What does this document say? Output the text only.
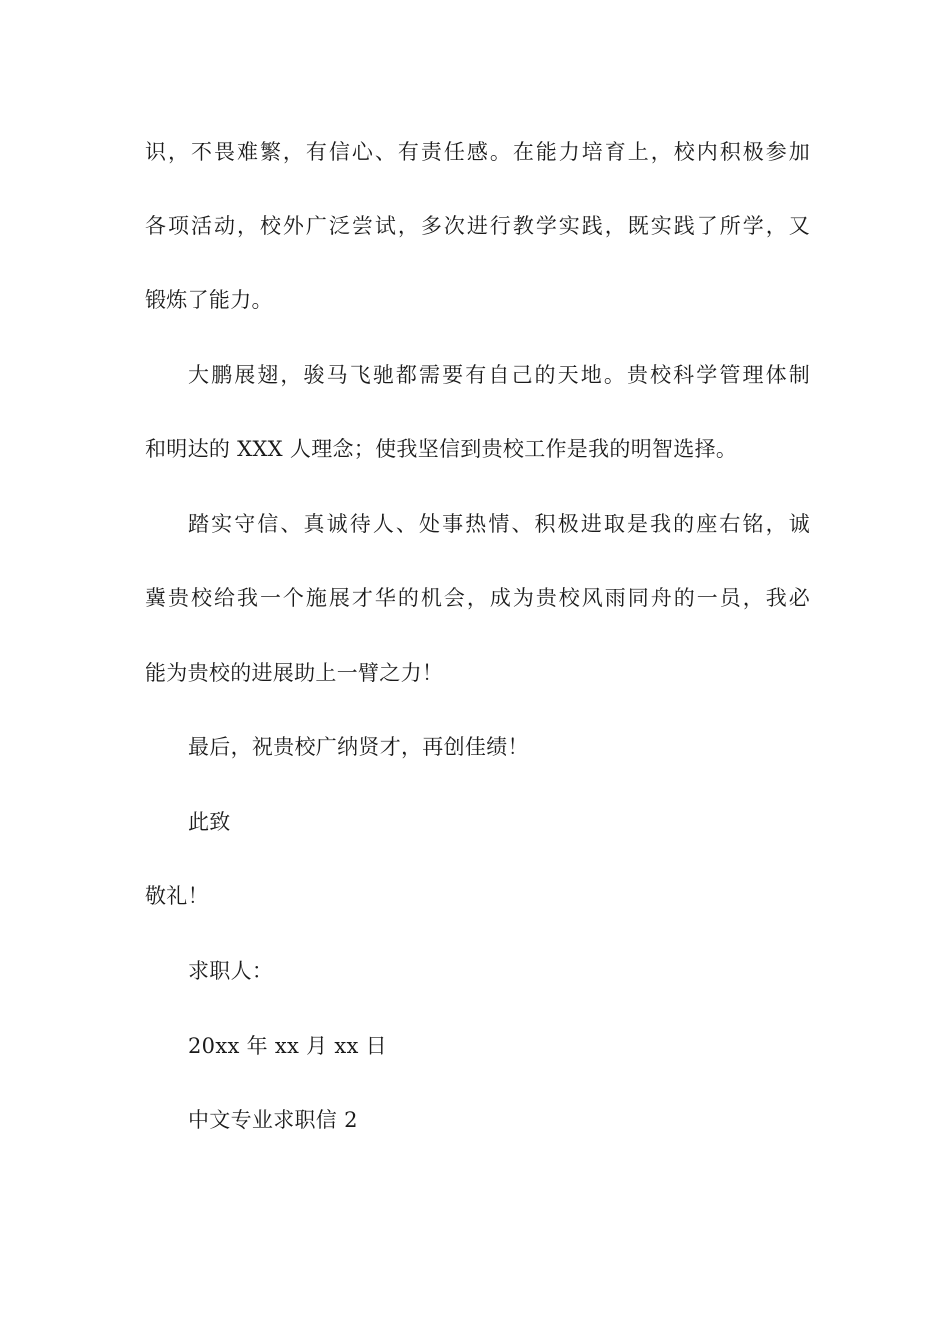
识，不畏难繁，有信心、有责任感。在能力培育上，校内积极参加
各项活动，校外广泛尝试，多次进行教学实践，既实践了所学，又
锻炼了能力。
大鹏展翅，骏马飞驰都需要有自己的天地。贵校科学管理体制
和明达的 XXX 人理念；使我坚信到贵校工作是我的明智选择。
踏实守信、真诚待人、处事热情、积极进取是我的座右铭，诚
冀贵校给我一个施展才华的机会，成为贵校风雨同舟的一员，我必
能为贵校的进展助上一臂之力！
最后，祝贵校广纳贤才，再创佳绩！
此致
敬礼！
求职人：
20xx 年 xx 月 xx 日
中文专业求职信 2
